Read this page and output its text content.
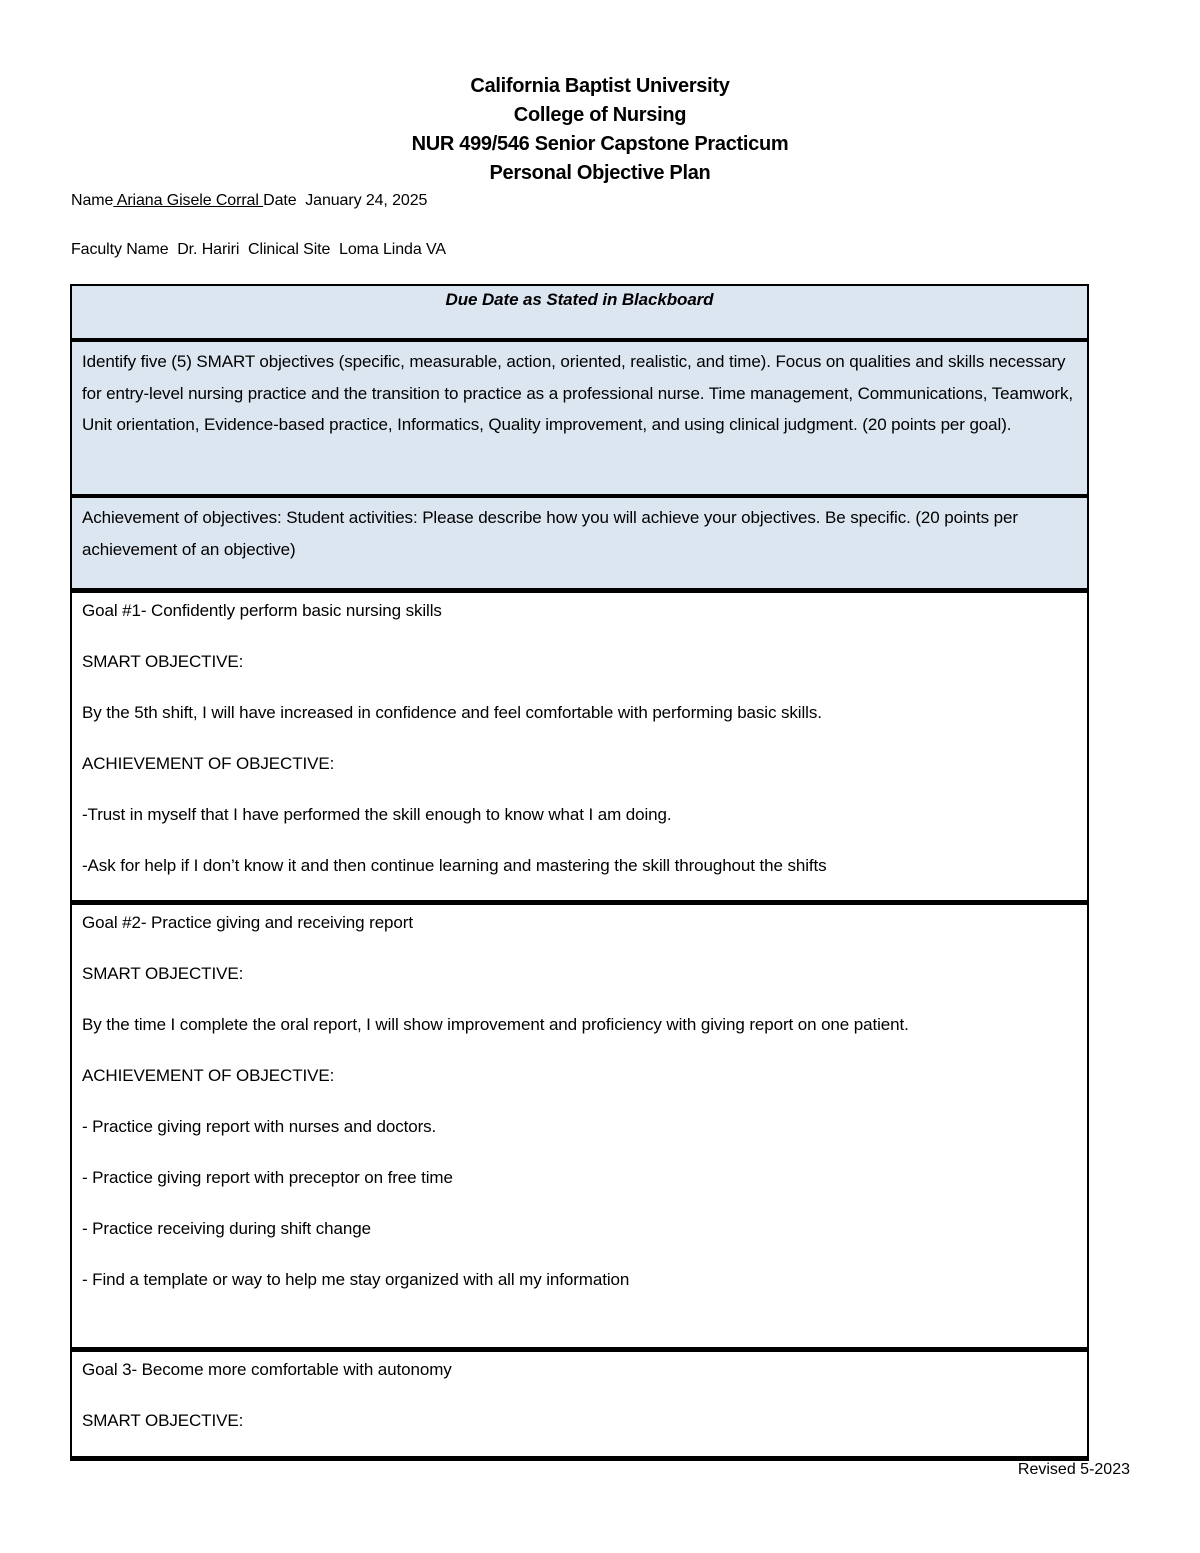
California Baptist University
College of Nursing
NUR 499/546 Senior Capstone Practicum
Personal Objective Plan
Name Ariana Gisele Corral Date January 24, 2025
Faculty Name Dr. Hariri Clinical Site Loma Linda VA
Due Date as Stated in Blackboard
Identify five (5) SMART objectives (specific, measurable, action, oriented, realistic, and time). Focus on qualities and skills necessary for entry-level nursing practice and the transition to practice as a professional nurse. Time management, Communications, Teamwork, Unit orientation, Evidence-based practice, Informatics, Quality improvement, and using clinical judgment. (20 points per goal).
Achievement of objectives: Student activities: Please describe how you will achieve your objectives. Be specific. (20 points per achievement of an objective)

Goal #1- Confidently perform basic nursing skills
SMART OBJECTIVE:
By the 5th shift, I will have increased in confidence and feel comfortable with performing basic skills.
ACHIEVEMENT OF OBJECTIVE:
-Trust in myself that I have performed the skill enough to know what I am doing.
-Ask for help if I don’t know it and then continue learning and mastering the skill throughout the shifts

Goal #2- Practice giving and receiving report
SMART OBJECTIVE:
By the time I complete the oral report, I will show improvement and proficiency with giving report on one patient.
ACHIEVEMENT OF OBJECTIVE:
- Practice giving report with nurses and doctors.
- Practice giving report with preceptor on free time
- Practice receiving during shift change
- Find a template or way to help me stay organized with all my information

Goal 3- Become more comfortable with autonomy
SMART OBJECTIVE:
Revised 5-2023
